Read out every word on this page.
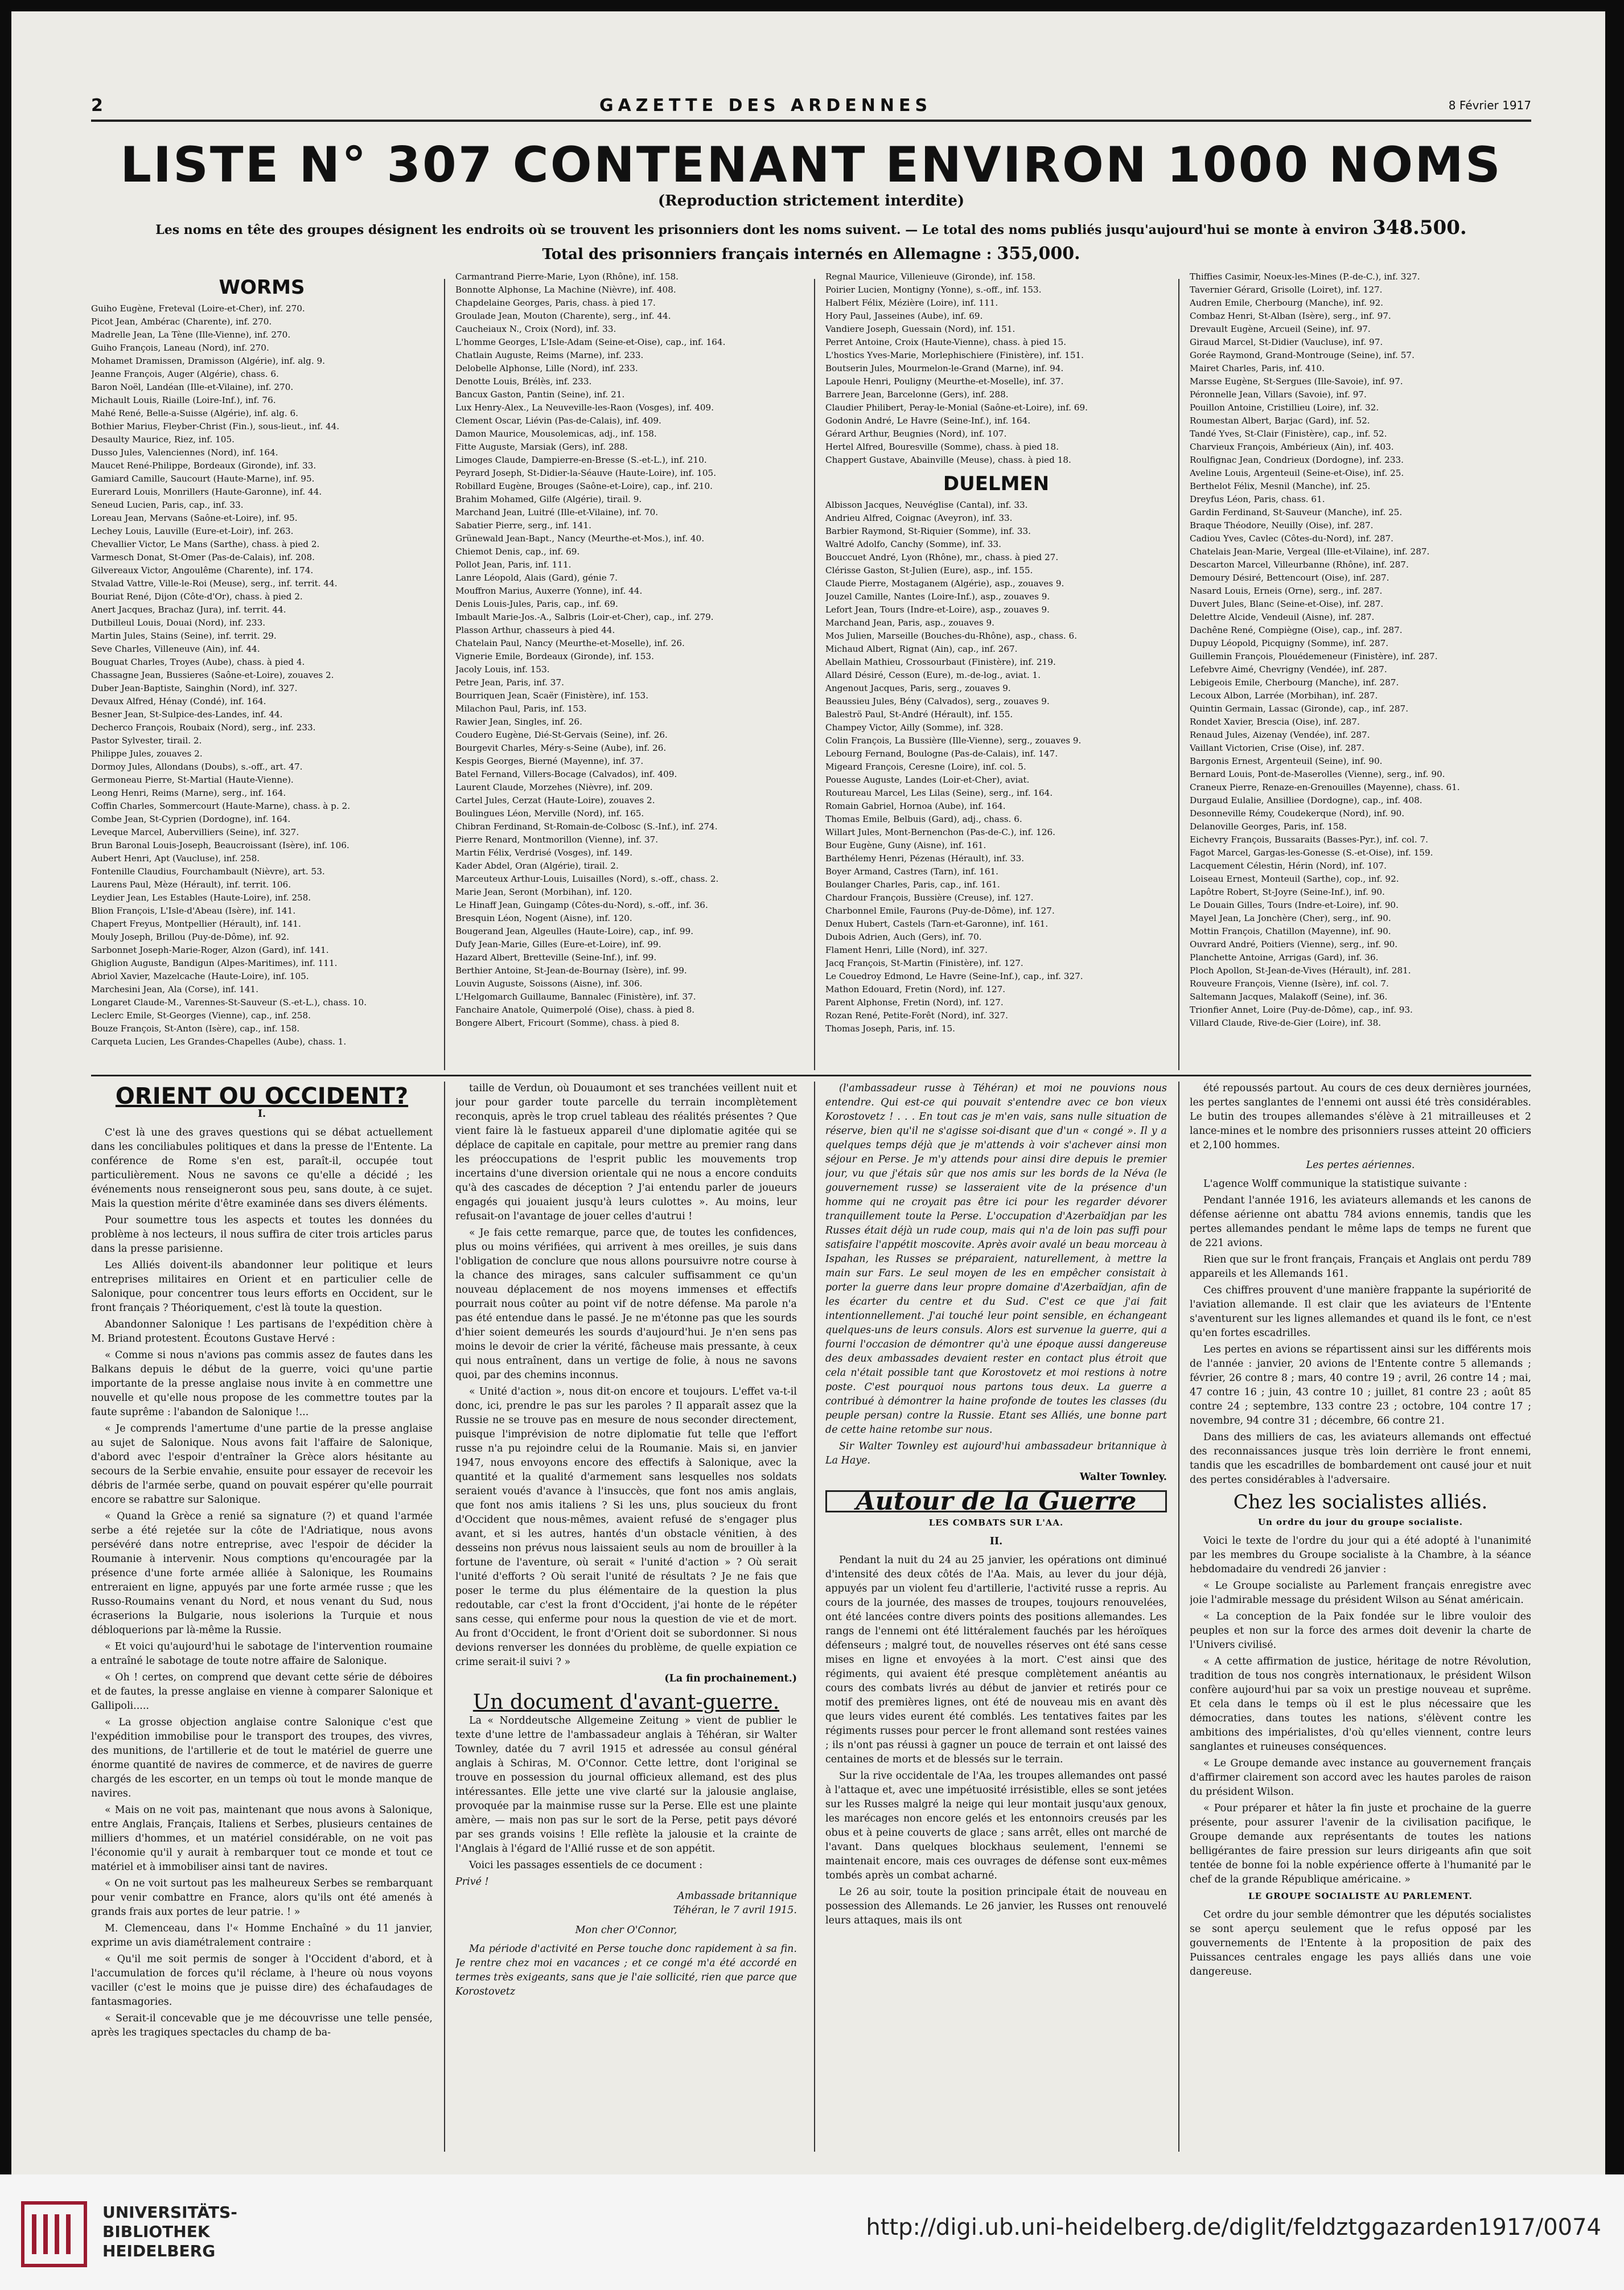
2	GAZETTE DES ARDENNES	8 Février 1917
LISTE N° 307 CONTENANT ENVIRON 1000 NOMS
(Reproduction strictement interdite)
Les noms en tête des groupes désignent les endroits où se trouvent les prisonniers dont les noms suivent. — Le total des noms publiés jusqu'aujourd'hui se monte à environ 348.500.
Total des prisonniers français internés en Allemagne : 355,000.
WORMS
Guiho Eugène, Freteval (Loire-et-Cher), inf. 270.
Picot Jean, Ambérac (Charente), inf. 270.
Madrelle Jean, La Tène (Ille-Vienne), inf. 270.
Guiho François, Laneau (Nord), inf. 270.
Mohamet Dramissen, Dramisson (Algérie), inf. alg. 9.
Jeanne François, Auger (Algérie), chass. 6.
Baron Noël, Landéan (Ille-et-Vilaine), inf. 270.
Michault Louis, Riaille (Loire-Inf.), inf. 76.
Mahé René, Belle-a-Suisse (Algérie), inf. alg. 6.
Bothier Marius, Fleyber-Christ (Fin.), sous-lieut., inf. 44.
Desaulty Maurice, Riez, inf. 105.
Dusso Jules, Valenciennes (Nord), inf. 164.
Maucet René-Philippe, Bordeaux (Gironde), inf. 33.
Gamiard Camille, Saucourt (Haute-Marne), inf. 95.
Eurerard Louis, Monrillers (Haute-Garonne), inf. 44.
Seneud Lucien, Paris, cap., inf. 33.
Loreau Jean, Mervans (Saône-et-Loire), inf. 95.
Lechey Louis, Lauville (Eure-et-Loir), inf. 263.
Chevallier Victor, Le Mans (Sarthe), chass. à pied 2.
Varmesch Donat, St-Omer (Pas-de-Calais), inf. 208.
Gilvereaux Victor, Angoulême (Charente), inf. 174.
Stvalad Vattre, Ville-le-Roi (Meuse), serg., inf. territ. 44.
Bouriat René, Dijon (Côte-d'Or), chass. à pied 2.
Anert Jacques, Brachaz (Jura), inf. territ. 44.
Dutbilleul Louis, Douai (Nord), inf. 233.
Martin Jules, Stains (Seine), inf. territ. 29.
Seve Charles, Villeneuve (Ain), inf. 44.
Bouguat Charles, Troyes (Aube), chass. à pied 4.
Chassagne Jean, Bussieres (Saône-et-Loire), zouaves 2.
Duber Jean-Baptiste, Sainghin (Nord), inf. 327.
Devaux Alfred, Hénay (Condé), inf. 164.
Besner Jean, St-Sulpice-des-Landes, inf. 44.
Decherco François, Roubaix (Nord), serg., inf. 233.
Pastor Sylvester, tirail. 2.
Philippe Jules, zouaves 2.
Dormoy Jules, Allondans (Doubs), s.-off., art. 47.
Germoneau Pierre, St-Martial (Haute-Vienne).
Leong Henri, Reims (Marne), serg., inf. 164.
Coffin Charles, Sommercourt (Haute-Marne), chass. à p. 2.
Combe Jean, St-Cyprien (Dordogne), inf. 164.
Leveque Marcel, Aubervilliers (Seine), inf. 327.
Brun Baronal Louis-Joseph, Beaucroissant (Isère), inf. 106.
Aubert Henri, Apt (Vaucluse), inf. 258.
Fontenille Claudius, Fourchambault (Nièvre), art. 53.
Laurens Paul, Mèze (Hérault), inf. territ. 106.
Leydier Jean, Les Estables (Haute-Loire), inf. 258.
Blion François, L'Isle-d'Abeau (Isère), inf. 141.
Chapert Freyus, Montpellier (Hérault), inf. 141.
Mouly Joseph, Brillou (Puy-de-Dôme), inf. 92.
Sarbonnet Joseph-Marie-Roger, Alzon (Gard), inf. 141.
Ghiglion Auguste, Bandigun (Alpes-Maritimes), inf. 111.
Abriol Xavier, Mazelcache (Haute-Loire), inf. 105.
Marchesini Jean, Ala (Corse), inf. 141.
Longaret Claude-M., Varennes-St-Sauveur (S.-et-L.), chass. 10.
Leclerc Emile, St-Georges (Vienne), cap., inf. 258.
Bouze François, St-Anton (Isère), cap., inf. 158.
Carqueta Lucien, Les Grandes-Chapelles (Aube), chass. 1.
Carmantrand Pierre-Marie, Lyon (Rhône), inf. 158.
Bonnotte Alphonse, La Machine (Nièvre), inf. 408.
Chapdelaine Georges, Paris, chass. à pied 17.
Groulade Jean, Mouton (Charente), serg., inf. 44.
Caucheiaux N., Croix (Nord), inf. 33.
L'homme Georges, L'Isle-Adam (Seine-et-Oise), cap., inf. 164.
Chatlain Auguste, Reims (Marne), inf. 233.
Delobelle Alphonse, Lille (Nord), inf. 233.
Denotte Louis, Brélès, inf. 233.
Bancux Gaston, Pantin (Seine), inf. 21.
Lux Henry-Alex., La Neuveville-les-Raon (Vosges), inf. 409.
Clement Oscar, Liévin (Pas-de-Calais), inf. 409.
Damon Maurice, Mousolemicas, adj., inf. 158.
Fitte Auguste, Marsiak (Gers), inf. 288.
Limoges Claude, Dampierre-en-Bresse (S.-et-L.), inf. 210.
Peyrard Joseph, St-Didier-la-Séauve (Haute-Loire), inf. 105.
Robillard Eugène, Brouges (Saône-et-Loire), cap., inf. 210.
Brahim Mohamed, Gilfe (Algérie), tirail. 9.
Marchand Jean, Luitré (Ille-et-Vilaine), inf. 70.
Sabatier Pierre, serg., inf. 141.
Grünewald Jean-Bapt., Nancy (Meurthe-et-Mos.), inf. 40.
Chiemot Denis, cap., inf. 69.
Pollot Jean, Paris, inf. 111.
Lanre Léopold, Alais (Gard), génie 7.
Mouffron Marius, Auxerre (Yonne), inf. 44.
Denis Louis-Jules, Paris, cap., inf. 69.
Imbault Marie-Jos.-A., Salbris (Loir-et-Cher), cap., inf. 279.
Plasson Arthur, chasseurs à pied 44.
Chatelain Paul, Nancy (Meurthe-et-Moselle), inf. 26.
Vignerie Emile, Bordeaux (Gironde), inf. 153.
Jacoly Louis, inf. 153.
Petre Jean, Paris, inf. 37.
Bourriquen Jean, Scaër (Finistère), inf. 153.
Milachon Paul, Paris, inf. 153.
Rawier Jean, Singles, inf. 26.
Coudero Eugène, Dié-St-Gervais (Seine), inf. 26.
Bourgevit Charles, Méry-s-Seine (Aube), inf. 26.
Kespis Georges, Bierné (Mayenne), inf. 37.
Batel Fernand, Villers-Bocage (Calvados), inf. 409.
Laurent Claude, Morzehes (Nièvre), inf. 209.
Cartel Jules, Cerzat (Haute-Loire), zouaves 2.
Boulingues Léon, Merville (Nord), inf. 165.
Chibran Ferdinand, St-Romain-de-Colbosc (S.-Inf.), inf. 274.
Pierre Renard, Montmorillon (Vienne), inf. 37.
Martin Félix, Verdrisé (Vosges), inf. 149.
Kader Abdel, Oran (Algérie), tirail. 2.
Marceuteux Arthur-Louis, Luisailles (Nord), s.-off., chass. 2.
Marie Jean, Seront (Morbihan), inf. 120.
Le Hinaff Jean, Guingamp (Côtes-du-Nord), s.-off., inf. 36.
Bresquin Léon, Nogent (Aisne), inf. 120.
Bougerand Jean, Algeulles (Haute-Loire), cap., inf. 99.
Dufy Jean-Marie, Gilles (Eure-et-Loire), inf. 99.
Hazard Albert, Bretteville (Seine-Inf.), inf. 99.
Berthier Antoine, St-Jean-de-Bournay (Isère), inf. 99.
Louvin Auguste, Soissons (Aisne), inf. 306.
L'Helgomarch Guillaume, Bannalec (Finistère), inf. 37.
Fanchaire Anatole, Quimerpolé (Oise), chass. à pied 8.
Bongere Albert, Fricourt (Somme), chass. à pied 8.
Regnal Maurice, Villenieuve (Gironde), inf. 158.
Poirier Lucien, Montigny (Yonne), s.-off., inf. 153.
Halbert Félix, Mézière (Loire), inf. 111.
Hory Paul, Jasseines (Aube), inf. 69.
Vandiere Joseph, Guessain (Nord), inf. 151.
Perret Antoine, Croix (Haute-Vienne), chass. à pied 15.
L'hostics Yves-Marie, Morlephischiere (Finistère), inf. 151.
Boutserin Jules, Mourmelon-le-Grand (Marne), inf. 94.
Lapoule Henri, Pouligny (Meurthe-et-Moselle), inf. 37.
Barrere Jean, Barcelonne (Gers), inf. 288.
Claudier Philibert, Peray-le-Monial (Saône-et-Loire), inf. 69.
Godonin André, Le Havre (Seine-Inf.), inf. 164.
Gérard Arthur, Beugnies (Nord), inf. 107.
Hertel Alfred, Bouresville (Somme), chass. à pied 18.
Chappert Gustave, Abainville (Meuse), chass. à pied 18.
DUELMEN
Albisson Jacques, Neuvéglise (Cantal), inf. 33.
Andrieu Alfred, Coignac (Aveyron), inf. 33.
Barbier Raymond, St-Riquier (Somme), inf. 33.
Waltré Adolfo, Canchy (Somme), inf. 33.
Bouccuet André, Lyon (Rhône), mr., chass. à pied 27.
Clérisse Gaston, St-Julien (Eure), asp., inf. 155.
Claude Pierre, Mostaganem (Algérie), asp., zouaves 9.
Jouzel Camille, Nantes (Loire-Inf.), asp., zouaves 9.
Lefort Jean, Tours (Indre-et-Loire), asp., zouaves 9.
Marchand Jean, Paris, asp., zouaves 9.
Mos Julien, Marseille (Bouches-du-Rhône), asp., chass. 6.
Michaud Albert, Rignat (Ain), cap., inf. 267.
Abellain Mathieu, Crossourbaut (Finistère), inf. 219.
Allard Désiré, Cesson (Eure), m.-de-log., aviat. 1.
Angenout Jacques, Paris, serg., zouaves 9.
Beaussieu Jules, Bény (Calvados), serg., zouaves 9.
Baleströ Paul, St-André (Hérault), inf. 155.
Champey Victor, Ailly (Somme), inf. 328.
Colin François, La Bussière (Ille-Vienne), serg., zouaves 9.
Lebourg Fernand, Boulogne (Pas-de-Calais), inf. 147.
Migeard François, Ceresne (Loire), inf. col. 5.
Pouesse Auguste, Landes (Loir-et-Cher), aviat.
Routureau Marcel, Les Lilas (Seine), serg., inf. 164.
Romain Gabriel, Hornoa (Aube), inf. 164.
Thomas Emile, Belbuis (Gard), adj., chass. 6.
Willart Jules, Mont-Bernenchon (Pas-de-C.), inf. 126.
Bour Eugène, Guny (Aisne), inf. 161.
Barthélemy Henri, Pézenas (Hérault), inf. 33.
Boyer Armand, Castres (Tarn), inf. 161.
Boulanger Charles, Paris, cap., inf. 161.
Chardour François, Bussière (Creuse), inf. 127.
Charbonnel Emile, Faurons (Puy-de-Dôme), inf. 127.
Denux Hubert, Castels (Tarn-et-Garonne), inf. 161.
Dubois Adrien, Auch (Gers), inf. 70.
Flament Henri, Lille (Nord), inf. 327.
Jacq François, St-Martin (Finistère), inf. 127.
Le Couedroy Edmond, Le Havre (Seine-Inf.), cap., inf. 327.
Mathon Edouard, Fretin (Nord), inf. 127.
Parent Alphonse, Fretin (Nord), inf. 127.
Rozan René, Petite-Forêt (Nord), inf. 327.
Thomas Joseph, Paris, inf. 15.
Thiffies Casimir, Noeux-les-Mines (P.-de-C.), inf. 327.
Tavernier Gérard, Grisolle (Loiret), inf. 127.
Audren Emile, Cherbourg (Manche), inf. 92.
Combaz Henri, St-Alban (Isère), serg., inf. 97.
Drevault Eugène, Arcueil (Seine), inf. 97.
Giraud Marcel, St-Didier (Vaucluse), inf. 97.
Gorée Raymond, Grand-Montrouge (Seine), inf. 57.
Mairet Charles, Paris, inf. 410.
Marsse Eugène, St-Sergues (Ille-Savoie), inf. 97.
Péronnelle Jean, Villars (Savoie), inf. 97.
Pouillon Antoine, Cristillieu (Loire), inf. 32.
Roumestan Albert, Barjac (Gard), inf. 52.
Tandé Yves, St-Clair (Finistère), cap., inf. 52.
Charvieux François, Ambérieux (Ain), inf. 403.
Roulfignac Jean, Condrieux (Dordogne), inf. 233.
Aveline Louis, Argenteuil (Seine-et-Oise), inf. 25.
Berthelot Félix, Mesnil (Manche), inf. 25.
Dreyfus Léon, Paris, chass. 61.
Gardin Ferdinand, St-Sauveur (Manche), inf. 25.
Braque Théodore, Neuilly (Oise), inf. 287.
Cadiou Yves, Cavlec (Côtes-du-Nord), inf. 287.
Chatelais Jean-Marie, Vergeal (Ille-et-Vilaine), inf. 287.
Descarton Marcel, Villeurbanne (Rhône), inf. 287.
Demoury Désiré, Bettencourt (Oise), inf. 287.
Nasard Louis, Erneis (Orne), serg., inf. 287.
Duvert Jules, Blanc (Seine-et-Oise), inf. 287.
Delettre Alcide, Vendeuil (Aisne), inf. 287.
Dachêne René, Compiègne (Oise), cap., inf. 287.
Dupuy Léopold, Picquigny (Somme), inf. 287.
Guillemin François, Plouédemeneur (Finistère), inf. 287.
Lefebvre Aimé, Chevrigny (Vendée), inf. 287.
Lebigeois Emile, Cherbourg (Manche), inf. 287.
Lecoux Albon, Larrée (Morbihan), inf. 287.
Quintin Germain, Lassac (Gironde), cap., inf. 287.
Rondet Xavier, Brescia (Oise), inf. 287.
Renaud Jules, Aizenay (Vendée), inf. 287.
Vaillant Victorien, Crise (Oise), inf. 287.
Bargonis Ernest, Argenteuil (Seine), inf. 90.
Bernard Louis, Pont-de-Maserolles (Vienne), serg., inf. 90.
Craneux Pierre, Renaze-en-Grenouilles (Mayenne), chass. 61.
Durgaud Eulalie, Ansilliee (Dordogne), cap., inf. 408.
Desonneville Rémy, Coudekerque (Nord), inf. 90.
Delanoville Georges, Paris, inf. 158.
Eichevry François, Bussaraits (Basses-Pyr.), inf. col. 7.
Fagot Marcel, Gargas-les-Gonesse (S.-et-Oise), inf. 159.
Lacquement Célestin, Hérin (Nord), inf. 107.
Loiseau Ernest, Monteuil (Sarthe), cop., inf. 92.
Lapôtre Robert, St-Joyre (Seine-Inf.), inf. 90.
Le Douain Gilles, Tours (Indre-et-Loire), inf. 90.
Mayel Jean, La Jonchère (Cher), serg., inf. 90.
Mottin François, Chatillon (Mayenne), inf. 90.
Ouvrard André, Poitiers (Vienne), serg., inf. 90.
Planchette Antoine, Arrigas (Gard), inf. 36.
Ploch Apollon, St-Jean-de-Vives (Hérault), inf. 281.
Rouveure François, Vienne (Isère), inf. col. 7.
Saltemann Jacques, Malakoff (Seine), inf. 36.
Trionfier Annet, Loire (Puy-de-Dôme), cap., inf. 93.
Villard Claude, Rive-de-Gier (Loire), inf. 38.
ORIENT OU OCCIDENT?
I.

C'est là une des graves questions qui se débat actuellement dans les conciliabules politiques et dans la presse de l'Entente. La conférence de Rome s'en est, paraît-il, occupée tout particulièrement. Nous ne savons ce qu'elle a décidé ; les événements nous renseigneront sous peu, sans doute, à ce sujet. Mais la question mérite d'être examinée dans ses divers éléments.

Pour soumettre tous les aspects et toutes les données du problème à nos lecteurs, il nous suffira de citer trois articles parus dans la presse parisienne.

Les Alliés doivent-ils abandonner leur politique et leurs entreprises militaires en Orient et en particulier celle de Salonique, pour concentrer tous leurs efforts en Occident, sur le front français ? Théoriquement, c'est là toute la question.

Abandonner Salonique ! Les partisans de l'expédition chère à M. Briand protestent. Écoutons Gustave Hervé :

« Comme si nous n'avions pas commis assez de fautes dans les Balkans depuis le début de la guerre, voici qu'une partie importante de la presse anglaise nous invite à en commettre une nouvelle et qu'elle nous propose de les commettre toutes par la faute suprême : l'abandon de Salonique !...

« Je comprends l'amertume d'une partie de la presse anglaise au sujet de Salonique. Nous avons fait l'affaire de Salonique, d'abord avec l'espoir d'entraîner la Grèce alors hésitante au secours de la Serbie envahie, ensuite pour essayer de recevoir les débris de l'armée serbe, quand on pouvait espérer qu'elle pourrait encore se rabattre sur Salonique.

« Quand la Grèce a renié sa signature (?) et quand l'armée serbe a été rejetée sur la côte de l'Adriatique, nous avons persévéré dans notre entreprise, avec l'espoir de décider la Roumanie à intervenir. Nous comptions qu'encouragée par la présence d'une forte armée alliée à Salonique, les Roumains entreraient en ligne, appuyés par une forte armée russe ; que les Russo-Roumains venant du Nord, et nous venant du Sud, nous écraserions la Bulgarie, nous isolerions la Turquie et nous débloquerions par là-même la Russie.

« Et voici qu'aujourd'hui le sabotage de l'intervention roumaine a entraîné le sabotage de toute notre affaire de Salonique.

« Oh ! certes, on comprend que devant cette série de déboires et de fautes, la presse anglaise en vienne à comparer Salonique et Gallipoli.....

« La grosse objection anglaise contre Salonique c'est que l'expédition immobilise pour le transport des troupes, des vivres, des munitions, de l'artillerie et de tout le matériel de guerre une énorme quantité de navires de commerce, et de navires de guerre chargés de les escorter, en un temps où tout le monde manque de navires.

« Mais on ne voit pas, maintenant que nous avons à Salonique, entre Anglais, Français, Italiens et Serbes, plusieurs centaines de milliers d'hommes, et un matériel considérable, on ne voit pas l'économie qu'il y aurait à rembarquer tout ce monde et tout ce matériel et à immobiliser ainsi tant de navires.

« On ne voit surtout pas les malheureux Serbes se rembarquant pour venir combattre en France, alors qu'ils ont été amenés à grands frais aux portes de leur patrie. ! »

M. Clemenceau, dans l'« Homme Enchaîné » du 11 janvier, exprime un avis diamétralement contraire :

« Qu'il me soit permis de songer à l'Occident d'abord, et à l'accumulation de forces qu'il réclame, à l'heure où nous voyons vaciller (c'est le moins que je puisse dire) des échafaudages de fantasmagories.

« Serait-il concevable que je me découvrisse une telle pensée, après les tragiques spectacles du champ de ba-

taille de Verdun, où Douaumont et ses tranchées veillent nuit et jour pour garder toute parcelle du terrain incomplètement reconquis, après le trop cruel tableau des réalités présentes ? Que vient faire là le fastueux appareil d'une diplomatie agitée qui se déplace de capitale en capitale, pour mettre au premier rang dans les préoccupations de l'esprit public les mouvements trop incertains d'une diversion orientale qui ne nous a encore conduits qu'à des cascades de déception ? J'ai entendu parler de joueurs engagés qui jouaient jusqu'à leurs culottes ». Au moins, leur refusait-on l'avantage de jouer celles d'autrui !

« Je fais cette remarque, parce que, de toutes les confidences, plus ou moins vérifiées, qui arrivent à mes oreilles, je suis dans l'obligation de conclure que nous allons poursuivre notre course à la chance des mirages, sans calculer suffisamment ce qu'un nouveau déplacement de nos moyens immenses et effectifs pourrait nous coûter au point vif de notre défense. Ma parole n'a pas été entendue dans le passé. Je ne m'étonne pas que les sourds d'hier soient demeurés les sourds d'aujourd'hui. Je n'en sens pas moins le devoir de crier la vérité, fâcheuse mais pressante, à ceux qui nous entraînent, dans un vertige de folie, à nous ne savons quoi, par des chemins inconnus.

« Unité d'action », nous dit-on encore et toujours. L'effet va-t-il donc, ici, prendre le pas sur les paroles ? Il apparaît assez que la Russie ne se trouve pas en mesure de nous seconder directement, puisque l'imprévision de notre diplomatie fut telle que l'effort russe n'a pu rejoindre celui de la Roumanie. Mais si, en janvier 1947, nous envoyons encore des effectifs à Salonique, avec la quantité et la qualité d'armement sans lesquelles nos soldats seraient voués d'avance à l'insuccès, que font nos amis anglais, que font nos amis italiens ? Si les uns, plus soucieux du front d'Occident que nous-mêmes, avaient refusé de s'engager plus avant, et si les autres, hantés d'un obstacle vénitien, à des desseins non prévus nous laissaient seuls au nom de brouiller à la fortune de l'aventure, où serait « l'unité d'action » ? Où serait l'unité d'efforts ? Où serait l'unité de résultats ? Je ne fais que poser le terme du plus élémentaire de la question la plus redoutable, car c'est la front d'Occident, j'ai honte de le répéter sans cesse, qui enferme pour nous la question de vie et de mort. Au front d'Occident, le front d'Orient doit se subordonner. Si nous devions renverser les données du problème, de quelle expiation ce crime serait-il suivi ? »

(La fin prochainement.)
Un document d'avant-guerre.

La « Norddeutsche Allgemeine Zeitung » vient de publier le texte d'une lettre de l'ambassadeur anglais à Téhéran, sir Walter Townley, datée du 7 avril 1915 et adressée au consul général anglais à Schiras, M. O'Connor. Cette lettre, dont l'original se trouve en possession du journal officieux allemand, est des plus intéressantes. Elle jette une vive clarté sur la jalousie anglaise, provoquée par la mainmise russe sur la Perse. Elle est une plainte amère, — mais non pas sur le sort de la Perse, petit pays dévoré par ses grands voisins ! Elle reflète la jalousie et la crainte de l'Anglais à l'égard de l'Allié russe et de son appétit.

Voici les passages essentiels de ce document :

Privé !
Ambassade britannique
Téhéran, le 7 avril 1915.
Mon cher O'Connor,

Ma période d'activité en Perse touche donc rapidement à sa fin. Je rentre chez moi en vacances ; et ce congé m'a été accordé en termes très exigeants, sans que je l'aie sollicité, rien que parce que Korostovetz

(l'ambassadeur russe à Téhéran) et moi ne pouvions nous entendre. Qui est-ce qui pouvait s'entendre avec ce bon vieux Korostovetz ! . . . En tout cas je m'en vais, sans nulle situation de réserve, bien qu'il ne s'agisse soi-disant que d'un « congé ». Il y a quelques temps déjà que je m'attends à voir s'achever ainsi mon séjour en Perse. Je m'y attends pour ainsi dire depuis le premier jour, vu que j'étais sûr que nos amis sur les bords de la Néva (le gouvernement russe) se lasseraient vite de la présence d'un homme qui ne croyait pas être ici pour les regarder dévorer tranquillement toute la Perse. L'occupation d'Azerbaïdjan par les Russes était déjà un rude coup, mais qui n'a de loin pas suffi pour satisfaire l'appétit moscovite. Après avoir avalé un beau morceau à Ispahan, les Russes se préparaient, naturellement, à mettre la main sur Fars. Le seul moyen de les en empêcher consistait à porter la guerre dans leur propre domaine d'Azerbaïdjan, afin de les écarter du centre et du Sud. C'est ce que j'ai fait intentionnellement. J'ai touché leur point sensible, en échangeant quelques-uns de leurs consuls. Alors est survenue la guerre, qui a fourni l'occasion de démontrer qu'à une époque aussi dangereuse des deux ambassades devaient rester en contact plus étroit que cela n'était possible tant que Korostovetz et moi restions à notre poste. C'est pourquoi nous partons tous deux. La guerre a contribué à démontrer la haine profonde de toutes les classes (du peuple persan) contre la Russie. Etant ses Alliés, une bonne part de cette haine retombe sur nous.

Sir Walter Townley est aujourd'hui ambassadeur britannique à La Haye.

Walter Townley.
Autour de la Guerre
LES COMBATS SUR L'AA.
II.

Pendant la nuit du 24 au 25 janvier, les opérations ont diminué d'intensité des deux côtés de l'Aa. Mais, au lever du jour déjà, appuyés par un violent feu d'artillerie, l'activité russe a repris. Au cours de la journée, des masses de troupes, toujours renouvelées, ont été lancées contre divers points des positions allemandes. Les rangs de l'ennemi ont été littéralement fauchés par les héroïques défenseurs ; malgré tout, de nouvelles réserves ont été sans cesse mises en ligne et envoyées à la mort. C'est ainsi que des régiments, qui avaient été presque complètement anéantis au cours des combats livrés au début de janvier et retirés pour ce motif des premières lignes, ont été de nouveau mis en avant dès que leurs vides eurent été comblés. Les tentatives faites par les régiments russes pour percer le front allemand sont restées vaines ; ils n'ont pas réussi à gagner un pouce de terrain et ont laissé des centaines de morts et de blessés sur le terrain.

Sur la rive occidentale de l'Aa, les troupes allemandes ont passé à l'attaque et, avec une impétuosité irrésistible, elles se sont jetées sur les Russes malgré la neige qui leur montait jusqu'aux genoux, les marécages non encore gelés et les entonnoirs creusés par les obus et à peine couverts de glace ; sans arrêt, elles ont marché de l'avant. Dans quelques blockhaus seulement, l'ennemi se maintenait encore, mais ces ouvrages de défense sont eux-mêmes tombés après un combat acharné.

Le 26 au soir, toute la position principale était de nouveau en possession des Allemands. Le 26 janvier, les Russes ont renouvelé leurs attaques, mais ils ont

été repoussés partout. Au cours de ces deux dernières journées, les pertes sanglantes de l'ennemi ont aussi été très considérables. Le butin des troupes allemandes s'élève à 21 mitrailleuses et 2 lance-mines et le nombre des prisonniers russes atteint 20 officiers et 2,100 hommes.

Les pertes aériennes.

L'agence Wolff communique la statistique suivante :

Pendant l'année 1916, les aviateurs allemands et les canons de défense aérienne ont abattu 784 avions ennemis, tandis que les pertes allemandes pendant le même laps de temps ne furent que de 221 avions.

Rien que sur le front français, Français et Anglais ont perdu 789 appareils et les Allemands 161.

Ces chiffres prouvent d'une manière frappante la supériorité de l'aviation allemande. Il est clair que les aviateurs de l'Entente s'aventurent sur les lignes allemandes et quand ils le font, ce n'est qu'en fortes escadrilles.

Les pertes en avions se répartissent ainsi sur les différents mois de l'année : janvier, 20 avions de l'Entente contre 5 allemands ; février, 26 contre 8 ; mars, 40 contre 19 ; avril, 26 contre 14 ; mai, 47 contre 16 ; juin, 43 contre 10 ; juillet, 81 contre 23 ; août 85 contre 24 ; septembre, 133 contre 23 ; octobre, 104 contre 17 ; novembre, 94 contre 31 ; décembre, 66 contre 21.

Dans des milliers de cas, les aviateurs allemands ont effectué des reconnaissances jusque très loin derrière le front ennemi, tandis que les escadrilles de bombardement ont causé jour et nuit des pertes considérables à l'adversaire.

Chez les socialistes alliés.
Un ordre du jour du groupe socialiste.

Voici le texte de l'ordre du jour qui a été adopté à l'unanimité par les membres du Groupe socialiste à la Chambre, à la séance hebdomadaire du vendredi 26 janvier :

« Le Groupe socialiste au Parlement français enregistre avec joie l'admirable message du président Wilson au Sénat américain.

« La conception de la Paix fondée sur le libre vouloir des peuples et non sur la force des armes doit devenir la charte de l'Univers civilisé.

« A cette affirmation de justice, héritage de notre Révolution, tradition de tous nos congrès internationaux, le président Wilson confère aujourd'hui par sa voix un prestige nouveau et suprême. Et cela dans le temps où il est le plus nécessaire que les démocraties, dans toutes les nations, s'élèvent contre les ambitions des impérialistes, d'où qu'elles viennent, contre leurs sanglantes et ruineuses conséquences.

« Le Groupe demande avec instance au gouvernement français d'affirmer clairement son accord avec les hautes paroles de raison du président Wilson.

« Pour préparer et hâter la fin juste et prochaine de la guerre présente, pour assurer l'avenir de la civilisation pacifique, le Groupe demande aux représentants de toutes les nations belligérantes de faire pression sur leurs dirigeants afin que soit tentée de bonne foi la noble expérience offerte à l'humanité par le chef de la grande République américaine. »

LE GROUPE SOCIALISTE AU PARLEMENT.

Cet ordre du jour semble démontrer que les députés socialistes se sont aperçu seulement que le refus opposé par les gouvernements de l'Entente à la proposition de paix des Puissances centrales engage les pays alliés dans une voie dangereuse.

UNIVERSITÄTS-
BIBLIOTHEK
HEIDELBERG
http://digi.ub.uni-heidelberg.de/diglit/feldztggazarden1917/0074
